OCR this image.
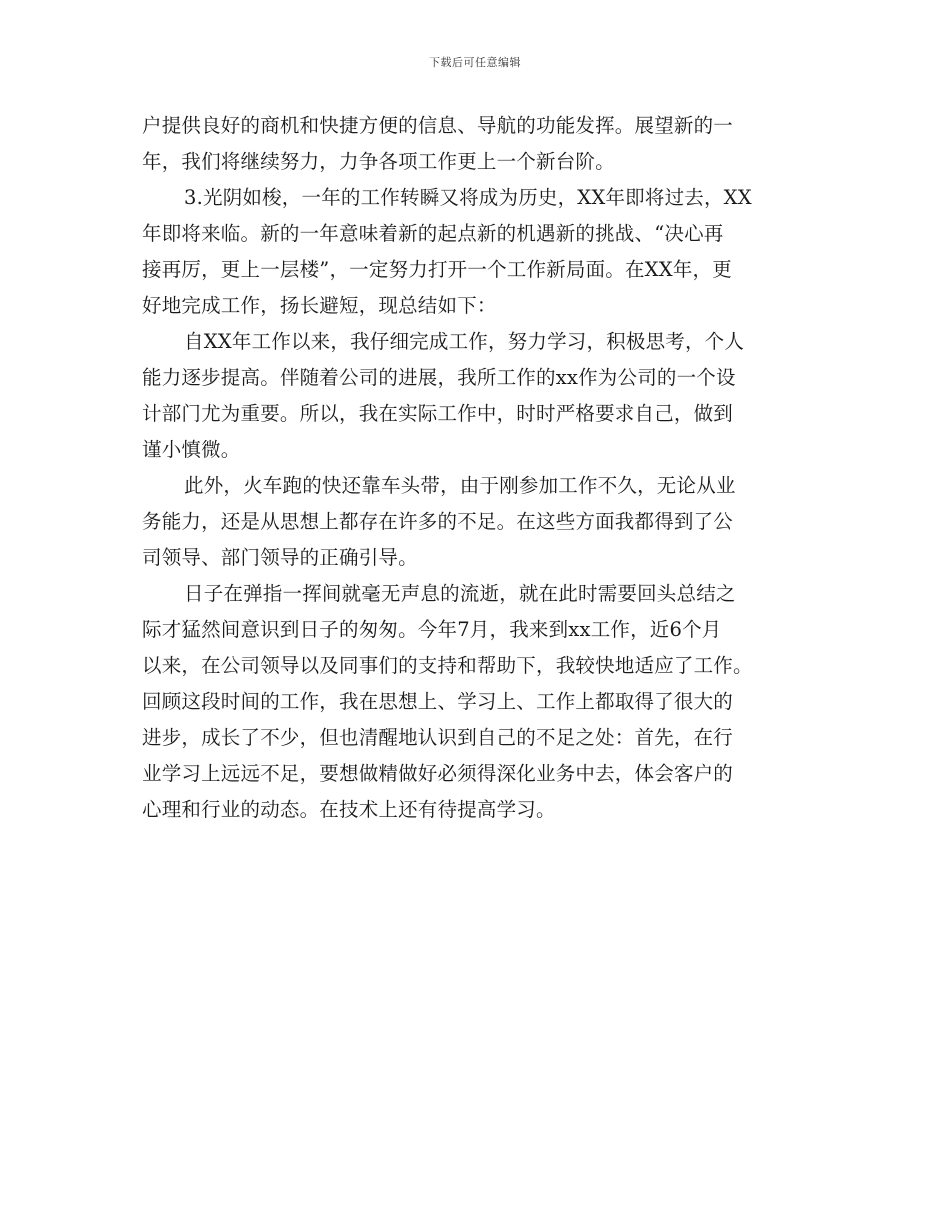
下载后可任意编辑

户提供良好的商机和快捷方便的信息、导航的功能发挥。展望新的一
年，我们将继续努力，力争各项工作更上一个新台阶。

3.光阴如梭，一年的工作转瞬又将成为历史，XX年即将过去，XX
年即将来临。新的一年意味着新的起点新的机遇新的挑战、“决心再
接再厉，更上一层楼”，一定努力打开一个工作新局面。在XX年，更
好地完成工作，扬长避短，现总结如下：

自XX年工作以来，我仔细完成工作，努力学习，积极思考，个人
能力逐步提高。伴随着公司的进展，我所工作的xx作为公司的一个设
计部门尤为重要。所以，我在实际工作中，时时严格要求自己，做到
谨小慎微。

此外，火车跑的快还靠车头带，由于刚参加工作不久，无论从业
务能力，还是从思想上都存在许多的不足。在这些方面我都得到了公
司领导、部门领导的正确引导。

日子在弹指一挥间就毫无声息的流逝，就在此时需要回头总结之
际才猛然间意识到日子的匆匆。今年7月，我来到xx工作，近6个月
以来，在公司领导以及同事们的支持和帮助下，我较快地适应了工作。
回顾这段时间的工作，我在思想上、学习上、工作上都取得了很大的
进步，成长了不少，但也清醒地认识到自己的不足之处：首先，在行
业学习上远远不足，要想做精做好必须得深化业务中去，体会客户的
心理和行业的动态。在技术上还有待提高学习。
